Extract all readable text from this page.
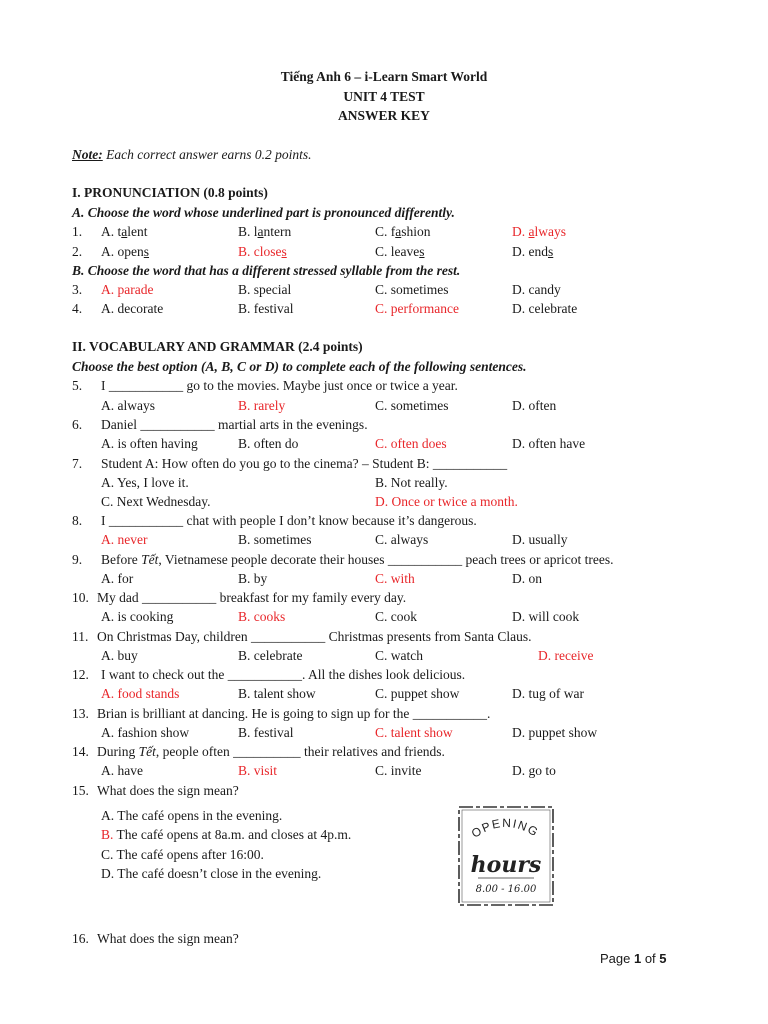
Tiếng Anh 6 – i-Learn Smart World
UNIT 4 TEST
ANSWER KEY
Note: Each correct answer earns 0.2 points.
I. PRONUNCIATION (0.8 points)
A. Choose the word whose underlined part is pronounced differently.
1. A. talent	B. lantern	C. fashion	D. always
2. A. opens	B. closes	C. leaves	D. ends
B. Choose the word that has a different stressed syllable from the rest.
3. A. parade	B. special	C. sometimes	D. candy
4. A. decorate	B. festival	C. performance	D. celebrate
II. VOCABULARY AND GRAMMAR (2.4 points)
Choose the best option (A, B, C or D) to complete each of the following sentences.
5. I ___________ go to the movies. Maybe just once or twice a year.
A. always	B. rarely	C. sometimes	D. often
6. Daniel ___________ martial arts in the evenings.
A. is often having	B. often do	C. often does	D. often have
7. Student A: How often do you go to the cinema? – Student B: ___________
A. Yes, I love it.	B. Not really.
C. Next Wednesday.	D. Once or twice a month.
8. I ___________ chat with people I don’t know because it’s dangerous.
A. never	B. sometimes	C. always	D. usually
9. Before Tết, Vietnamese people decorate their houses ___________ peach trees or apricot trees.
A. for	B. by	C. with	D. on
10. My dad ___________ breakfast for my family every day.
A. is cooking	B. cooks	C. cook	D. will cook
11. On Christmas Day, children ___________ Christmas presents from Santa Claus.
A. buy	B. celebrate	C. watch	D. receive
12. I want to check out the ___________. All the dishes look delicious.
A. food stands	B. talent show	C. puppet show	D. tug of war
13. Brian is brilliant at dancing. He is going to sign up for the ___________.
A. fashion show	B. festival	C. talent show	D. puppet show
14. During Tết, people often __________ their relatives and friends.
A. have	B. visit	C. invite	D. go to
15. What does the sign mean?
A. The café opens in the evening.
B. The café opens at 8a.m. and closes at 4p.m.
C. The café opens after 16:00.
D. The café doesn’t close in the evening.
OPENING
hours
8.00 - 16.00
16. What does the sign mean?
Page 1 of 5
